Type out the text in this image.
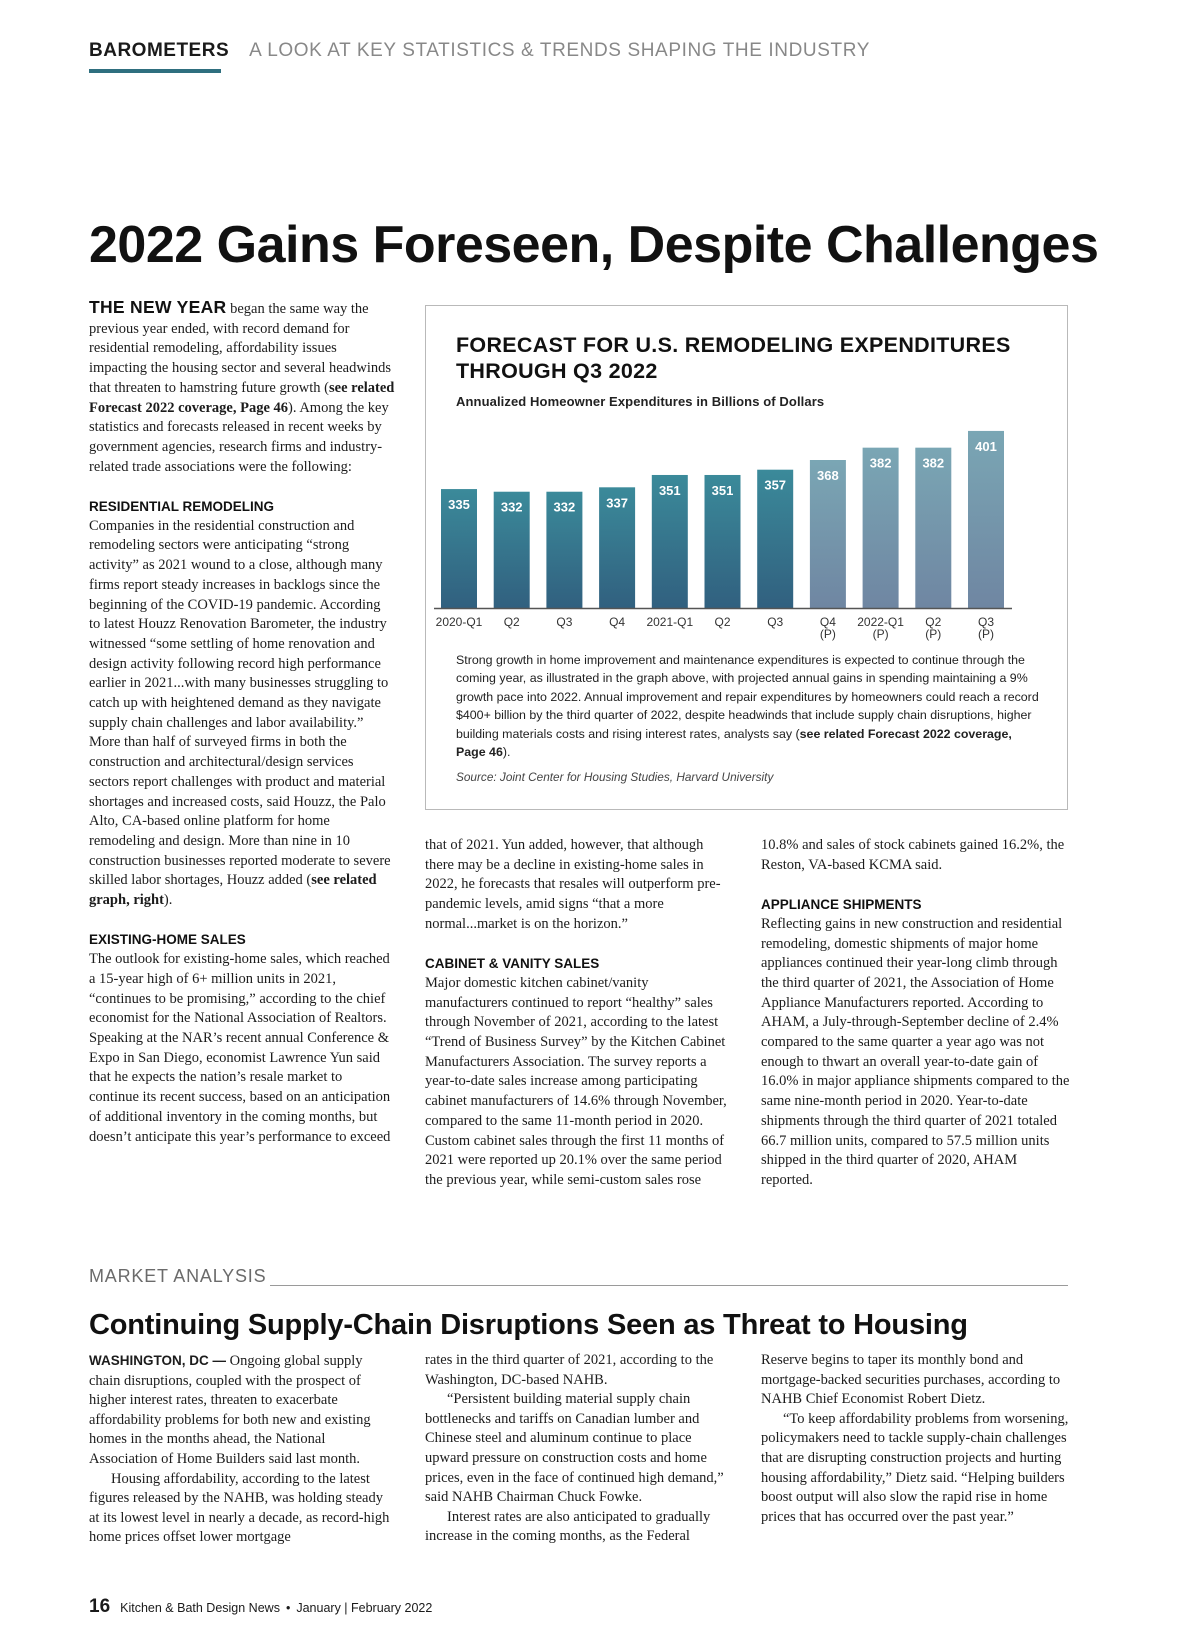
BAROMETERS A LOOK AT KEY STATISTICS & TRENDS SHAPING THE INDUSTRY
2022 Gains Foreseen, Despite Challenges

THE NEW YEAR began the same way the previous year ended, with record demand for residential remodeling, affordability issues impacting the housing sector and several headwinds that threaten to hamstring future growth (see related Forecast 2022 coverage, Page 46). Among the key statistics and forecasts released in recent weeks by government agencies, research firms and industry-related trade associations were the following:

RESIDENTIAL REMODELING

Companies in the residential construction and remodeling sectors were anticipating “strong activity” as 2021 wound to a close, although many firms report steady increases in backlogs since the beginning of the COVID-19 pandemic. According to latest Houzz Renovation Barometer, the industry witnessed “some settling of home renovation and design activity following record high performance earlier in 2021...with many businesses struggling to catch up with heightened demand as they navigate supply chain challenges and labor availability.” More than half of surveyed firms in both the construction and architectural/design services sectors report challenges with product and material shortages and increased costs, said Houzz, the Palo Alto, CA-based online platform for home remodeling and design. More than nine in 10 construction businesses reported moderate to severe skilled labor shortages, Houzz added (see related graph, right).

EXISTING-HOME SALES

The outlook for existing-home sales, which reached a 15-year high of 6+ million units in 2021, “continues to be promising,” according to the chief economist for the National Association of Realtors. Speaking at the NAR’s recent annual Conference & Expo in San Diego, economist Lawrence Yun said that he expects the nation’s resale market to continue its recent success, based on an anticipation of additional inventory in the coming months, but doesn’t anticipate this year’s performance to exceed

FORECAST FOR U.S. REMODELING EXPENDITURES THROUGH Q3 2022
Annualized Homeowner Expenditures in Billions of Dollars
335
2020-Q1
332
Q2
332
Q3
337
Q4
351
2021-Q1
351
Q2
357
Q3
368
Q4
(P)
382
2022-Q1
(P)
382
Q2
(P)
401
Q3
(P)

Strong growth in home improvement and maintenance expenditures is expected to continue through the coming year, as illustrated in the graph above, with projected annual gains in spending maintaining a 9% growth pace into 2022. Annual improvement and repair expenditures by homeowners could reach a record $400+ billion by the third quarter of 2022, despite headwinds that include supply chain disruptions, higher building materials costs and rising interest rates, analysts say (see related Forecast 2022 coverage, Page 46).

Source: Joint Center for Housing Studies, Harvard University

that of 2021. Yun added, however, that although there may be a decline in existing-home sales in 2022, he forecasts that resales will outperform pre-pandemic levels, amid signs “that a more normal...market is on the horizon.”

CABINET & VANITY SALES

Major domestic kitchen cabinet/vanity manufacturers continued to report “healthy” sales through November of 2021, according to the latest “Trend of Business Survey” by the Kitchen Cabinet Manufacturers Association. The survey reports a year-to-date sales increase among participating cabinet manufacturers of 14.6% through November, compared to the same 11-month period in 2020. Custom cabinet sales through the first 11 months of 2021 were reported up 20.1% over the same period the previous year, while semi-custom sales rose

10.8% and sales of stock cabinets gained 16.2%, the Reston, VA-based KCMA said.

APPLIANCE SHIPMENTS

Reflecting gains in new construction and residential remodeling, domestic shipments of major home appliances continued their year-long climb through the third quarter of 2021, the Association of Home Appliance Manufacturers reported. According to AHAM, a July-through-September decline of 2.4% compared to the same quarter a year ago was not enough to thwart an overall year-to-date gain of 16.0% in major appliance shipments compared to the same nine-month period in 2020. Year-to-date shipments through the third quarter of 2021 totaled 66.7 million units, compared to 57.5 million units shipped in the third quarter of 2020, AHAM reported.

MARKET ANALYSIS
Continuing Supply-Chain Disruptions Seen as Threat to Housing

WASHINGTON, DC — Ongoing global supply chain disruptions, coupled with the prospect of higher interest rates, threaten to exacerbate affordability problems for both new and existing homes in the months ahead, the National Association of Home Builders said last month.

Housing affordability, according to the latest figures released by the NAHB, was holding steady at its lowest level in nearly a decade, as record-high home prices offset lower mortgage

rates in the third quarter of 2021, according to the Washington, DC-based NAHB.

“Persistent building material supply chain bottlenecks and tariffs on Canadian lumber and Chinese steel and aluminum continue to place upward pressure on construction costs and home prices, even in the face of continued high demand,” said NAHB Chairman Chuck Fowke.

Interest rates are also anticipated to gradually increase in the coming months, as the Federal

Reserve begins to taper its monthly bond and mortgage-backed securities purchases, according to NAHB Chief Economist Robert Dietz.

“To keep affordability problems from worsening, policymakers need to tackle supply-chain challenges that are disrupting construction projects and hurting housing affordability,” Dietz said. “Helping builders boost output will also slow the rapid rise in home prices that has occurred over the past year.”

16 Kitchen & Bath Design News • January | February 2022
